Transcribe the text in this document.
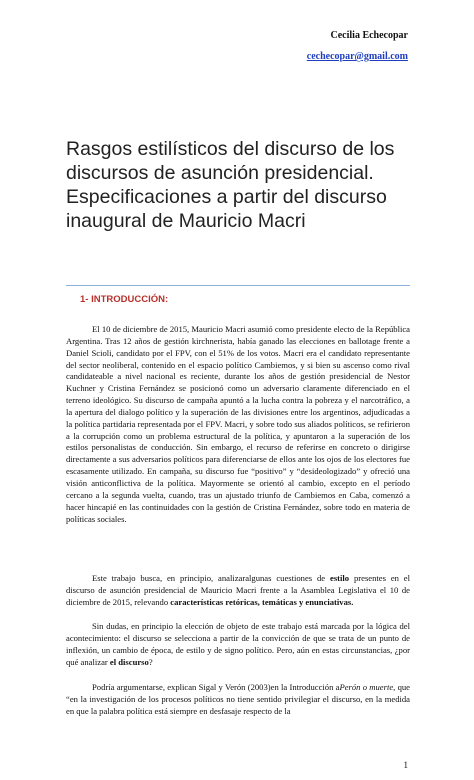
Cecilia Echecopar
cechecopar@gmail.com
Rasgos estilísticos del discurso de los discursos de asunción presidencial. Especificaciones a partir del discurso inaugural de Mauricio Macri
1- INTRODUCCIÓN:

El 10 de diciembre de 2015, Mauricio Macri asumió como presidente electo de la República Argentina. Tras 12 años de gestión kirchnerista, había ganado las elecciones en ballotage frente a Daniel Scioli, candidato por el FPV, con el 51% de los votos. Macri era el candidato representante del sector neoliberal, contenido en el espacio político Cambiemos, y si bien su ascenso como rival candidateable a nivel nacional es reciente, durante los años de gestión presidencial de Nestor Kuchner y Cristina Fernández se posicionó como un adversario claramente diferenciado en el terreno ideológico. Su discurso de campaña apuntó a la lucha contra la pobreza y el narcotráfico, a la apertura del dialogo político y la superación de las divisiones entre los argentinos, adjudicadas a la política partidaria representada por el FPV. Macri, y sobre todo sus aliados políticos, se refirieron a la corrupción como un problema estructural de la política, y apuntaron a la superación de los estilos personalistas de conducción. Sin embargo, el recurso de referirse en concreto o dirigirse directamente a sus adversarios políticos para diferenciarse de ellos ante los ojos de los electores fue escasamente utilizado. En campaña, su discurso fue “positivo” y “desideologizado” y ofreció una visión anticonflictiva de la política. Mayormente se orientó al cambio, excepto en el período cercano a la segunda vuelta, cuando, tras un ajustado triunfo de Cambiemos en Caba, comenzó a hacer hincapié en las continuidades con la gestión de Cristina Fernández, sobre todo en materia de políticas sociales.

Este trabajo busca, en principio, analizaralgunas cuestiones de estilo presentes en el discurso de asunción presidencial de Mauricio Macri frente a la Asamblea Legislativa el 10 de diciembre de 2015, relevando características retóricas, temáticas y enunciativas.

Sin dudas, en principio la elección de objeto de este trabajo está marcada por la lógica del acontecimiento: el discurso se selecciona a partir de la convicción de que se trata de un punto de inflexión, un cambio de época, de estilo y de signo político. Pero, aún en estas circunstancias, ¿por qué analizar el discurso?

Podría argumentarse, explican Sigal y Verón (2003)en la Introducción aPerón o muerte, que “en la investigación de los procesos políticos no tiene sentido privilegiar el discurso, en la medida en que la palabra política está siempre en desfasaje respecto de la

1
